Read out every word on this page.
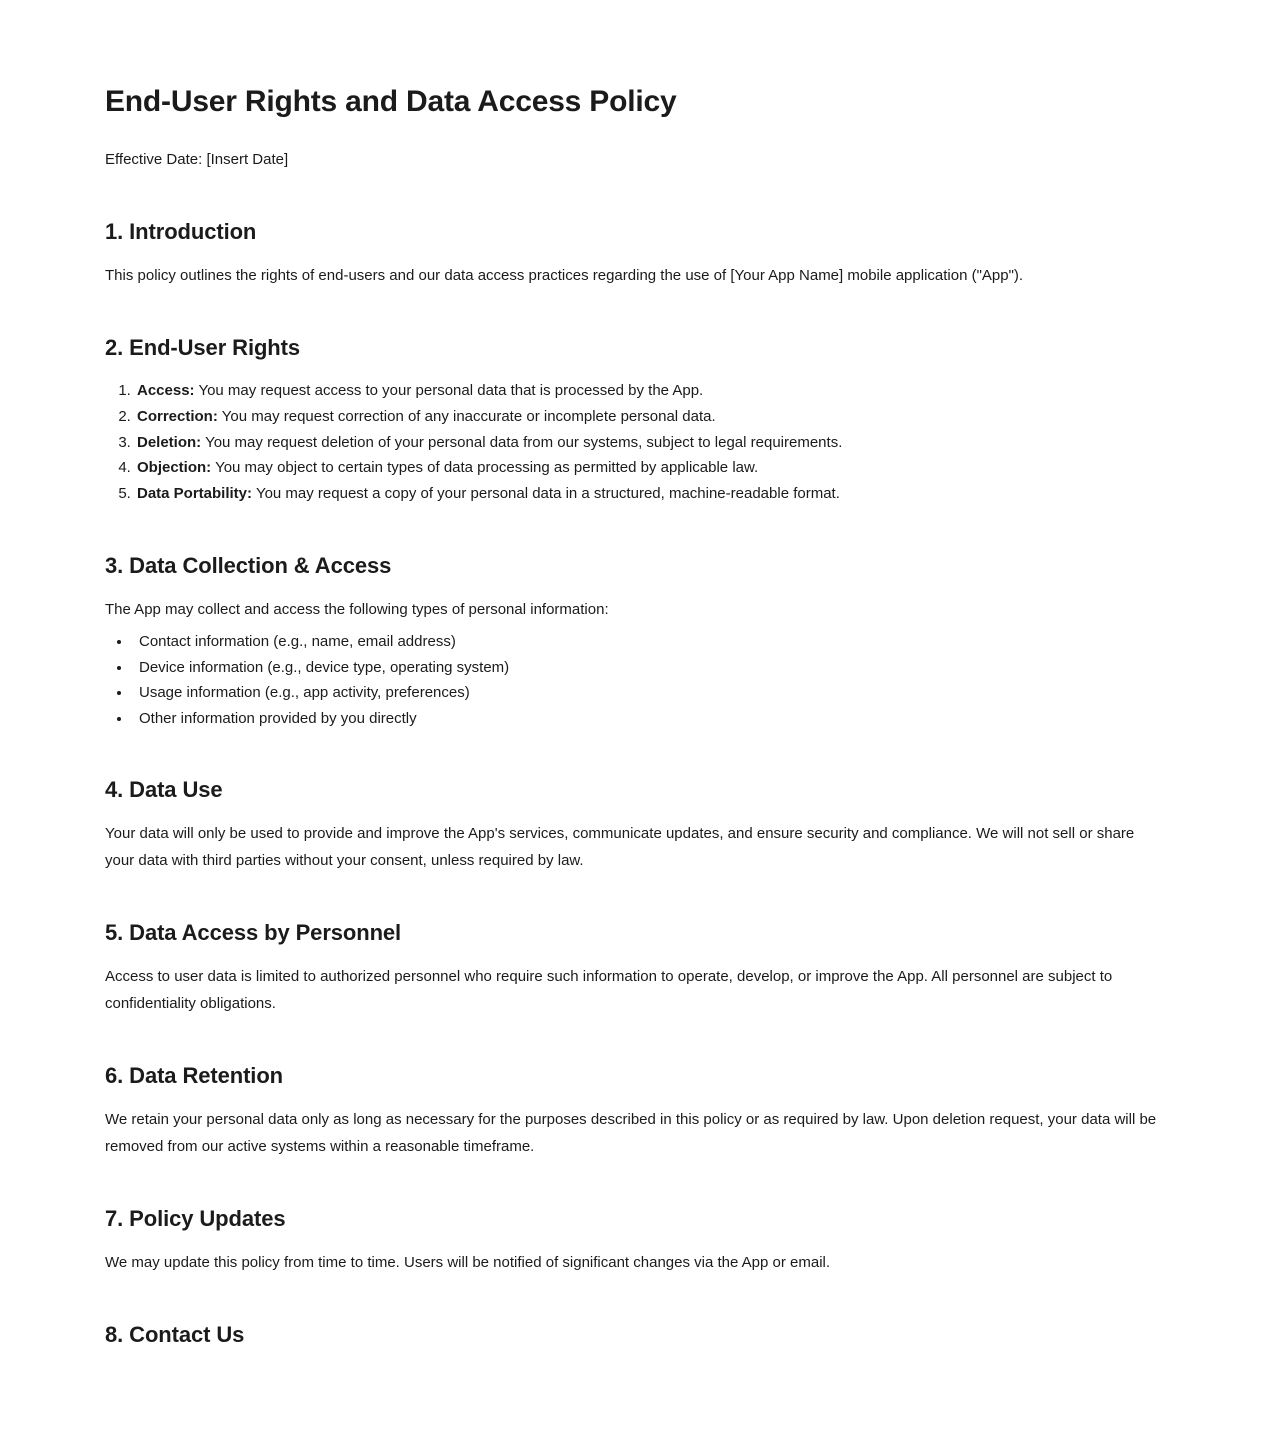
End-User Rights and Data Access Policy

Effective Date: [Insert Date]

1. Introduction

This policy outlines the rights of end-users and our data access practices regarding the use of [Your App Name] mobile application ("App").

2. End-User Rights
1. Access: You may request access to your personal data that is processed by the App.
2. Correction: You may request correction of any inaccurate or incomplete personal data.
3. Deletion: You may request deletion of your personal data from our systems, subject to legal requirements.
4. Objection: You may object to certain types of data processing as permitted by applicable law.
5. Data Portability: You may request a copy of your personal data in a structured, machine-readable format.
3. Data Collection & Access

The App may collect and access the following types of personal information:

• Contact information (e.g., name, email address)
• Device information (e.g., device type, operating system)
• Usage information (e.g., app activity, preferences)
• Other information provided by you directly
4. Data Use

Your data will only be used to provide and improve the App's services, communicate updates, and ensure security and compliance. We will not sell or share your data with third parties without your consent, unless required by law.

5. Data Access by Personnel

Access to user data is limited to authorized personnel who require such information to operate, develop, or improve the App. All personnel are subject to confidentiality obligations.

6. Data Retention

We retain your personal data only as long as necessary for the purposes described in this policy or as required by law. Upon deletion request, your data will be removed from our active systems within a reasonable timeframe.

7. Policy Updates

We may update this policy from time to time. Users will be notified of significant changes via the App or email.

8. Contact Us
